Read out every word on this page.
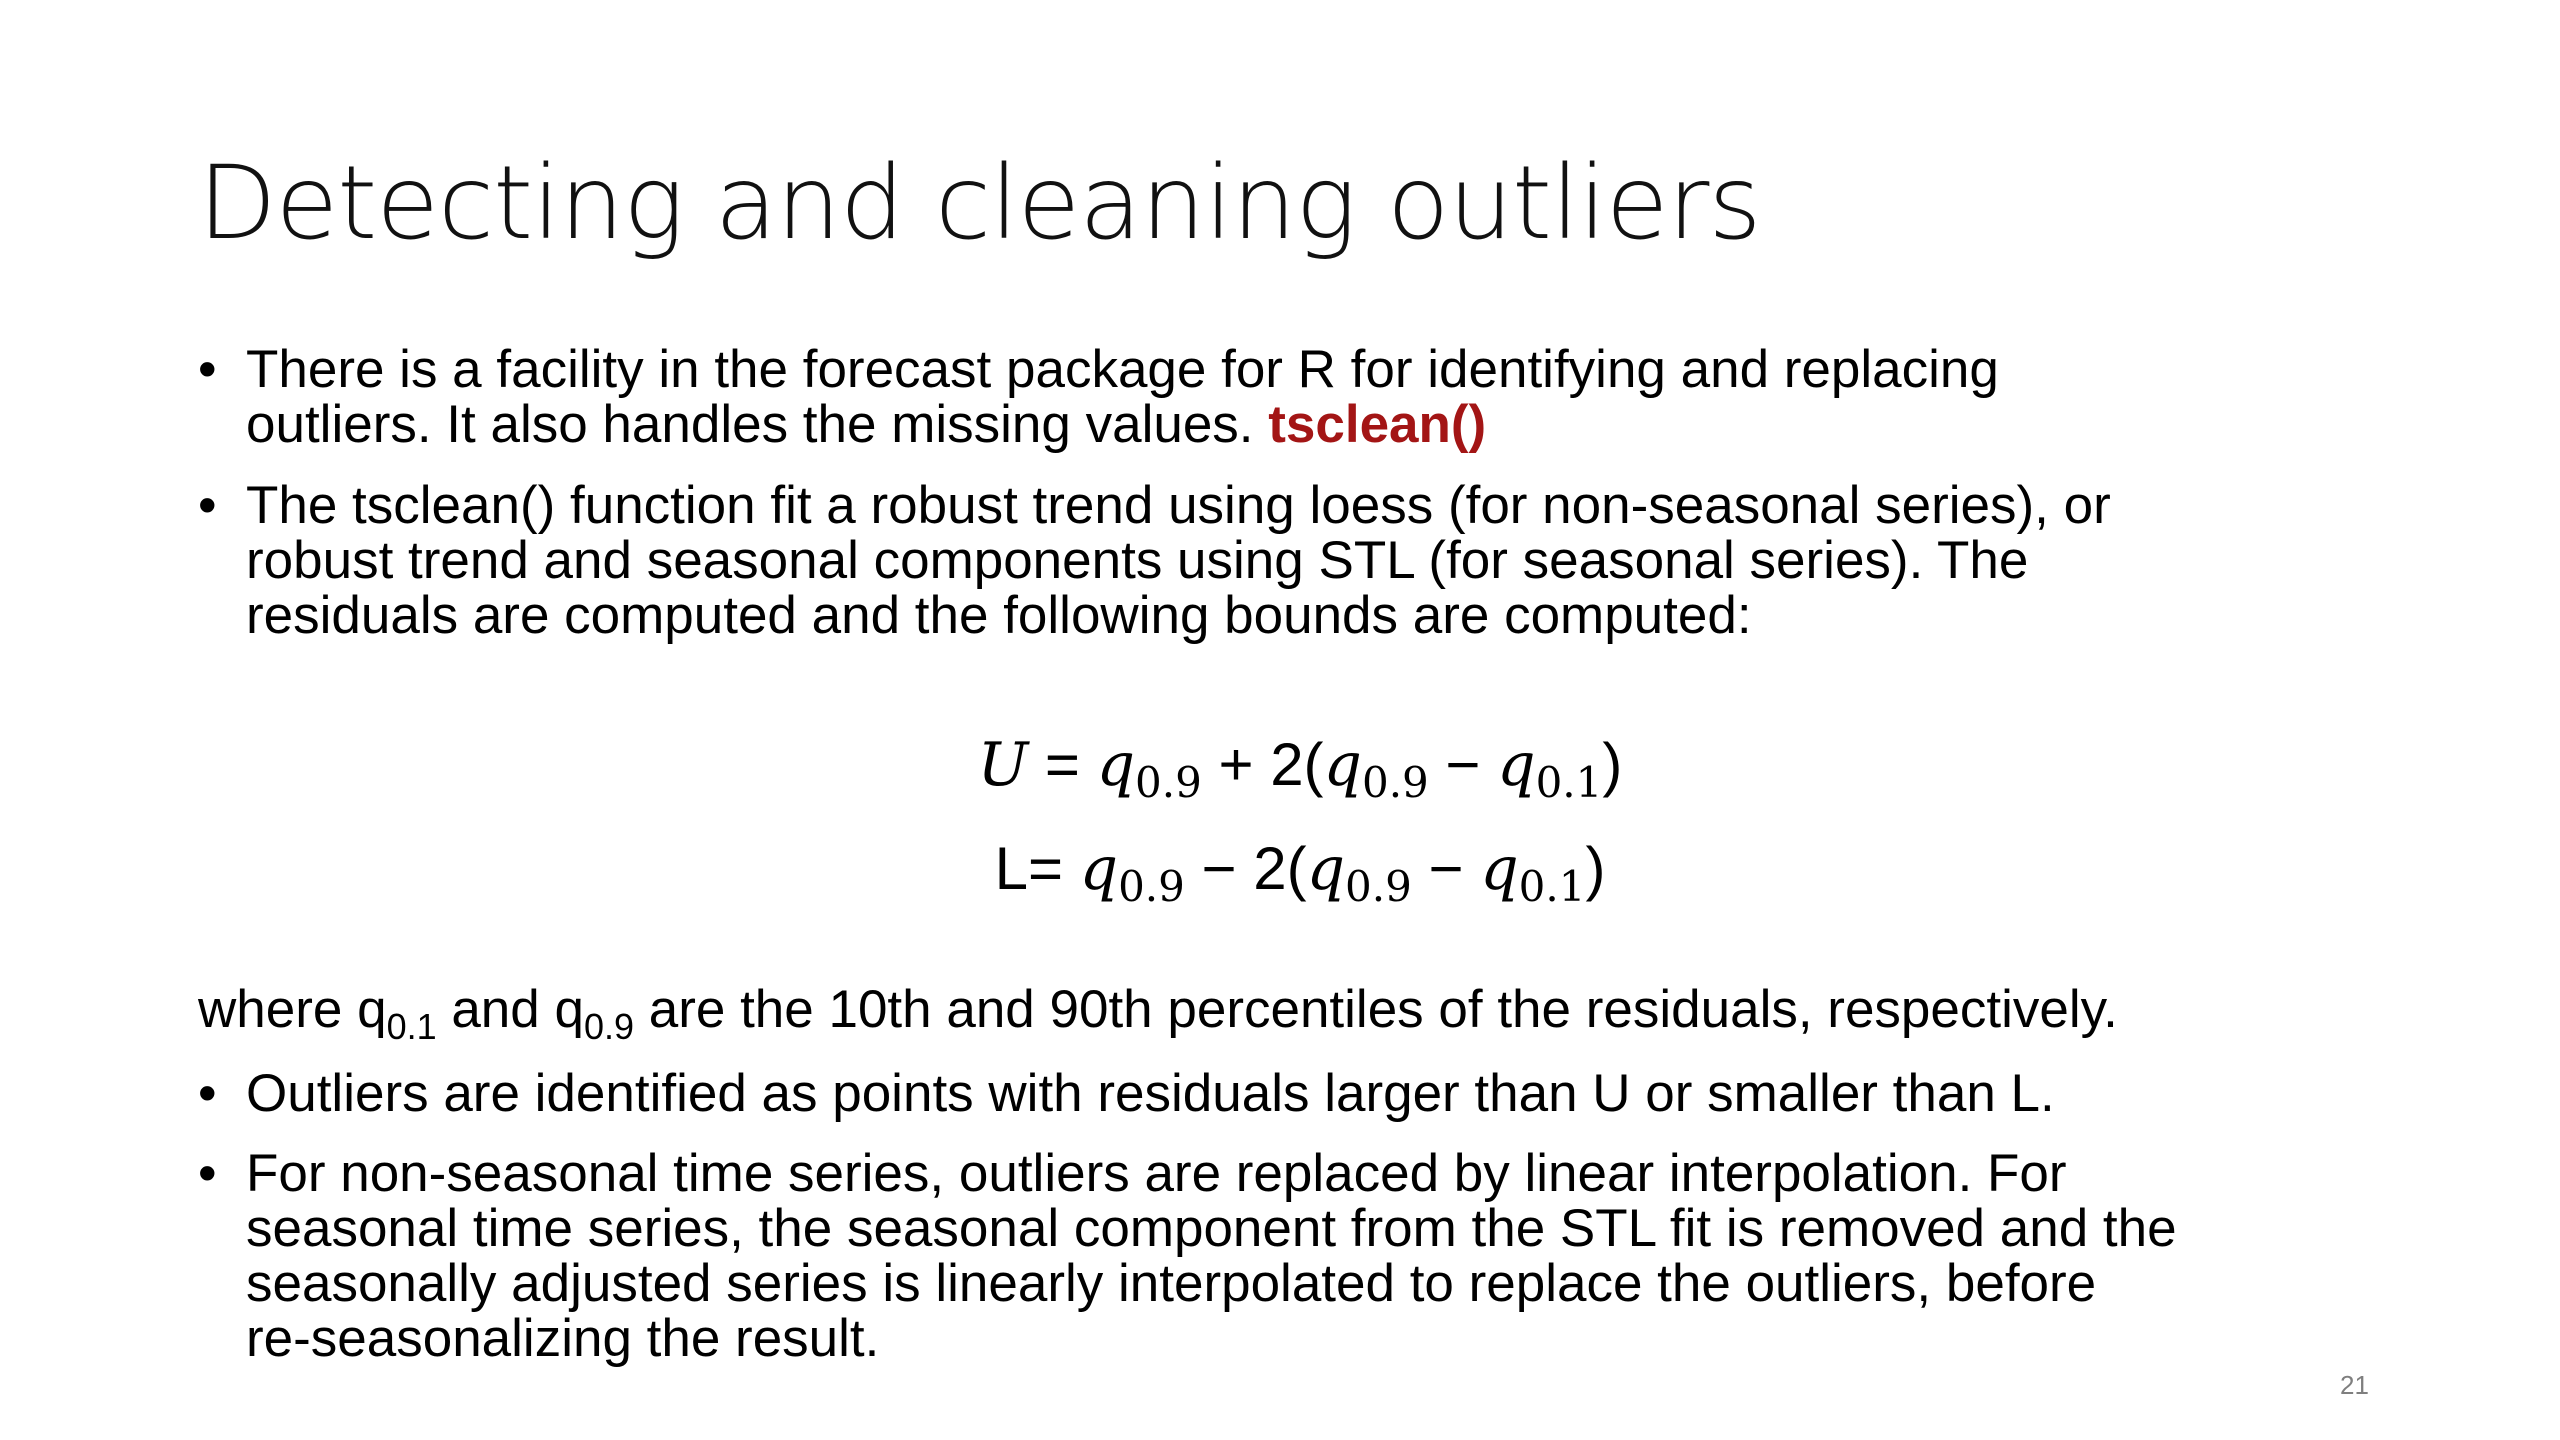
Detecting and cleaning outliers
• There is a facility in the forecast package for R for identifying and replacing
outliers. It also handles the missing values. tsclean()
• The tsclean() function fit a robust trend using loess (for non-seasonal series), or
robust trend and seasonal components using STL (for seasonal series). The
residuals are computed and the following bounds are computed:
$U = q_{0.9} + 2(q_{0.9} - q_{0.1})$
$L= q_{0.9} - 2(q_{0.9} - q_{0.1})$
where $q_{0.1}$ and $q_{0.9}$ are the 10th and 90th percentiles of the residuals, respectively.
• Outliers are identified as points with residuals larger than U or smaller than L.
• For non-seasonal time series, outliers are replaced by linear interpolation. For
seasonal time series, the seasonal component from the STL fit is removed and the
seasonally adjusted series is linearly interpolated to replace the outliers, before
re-seasonalizing the result.
21
